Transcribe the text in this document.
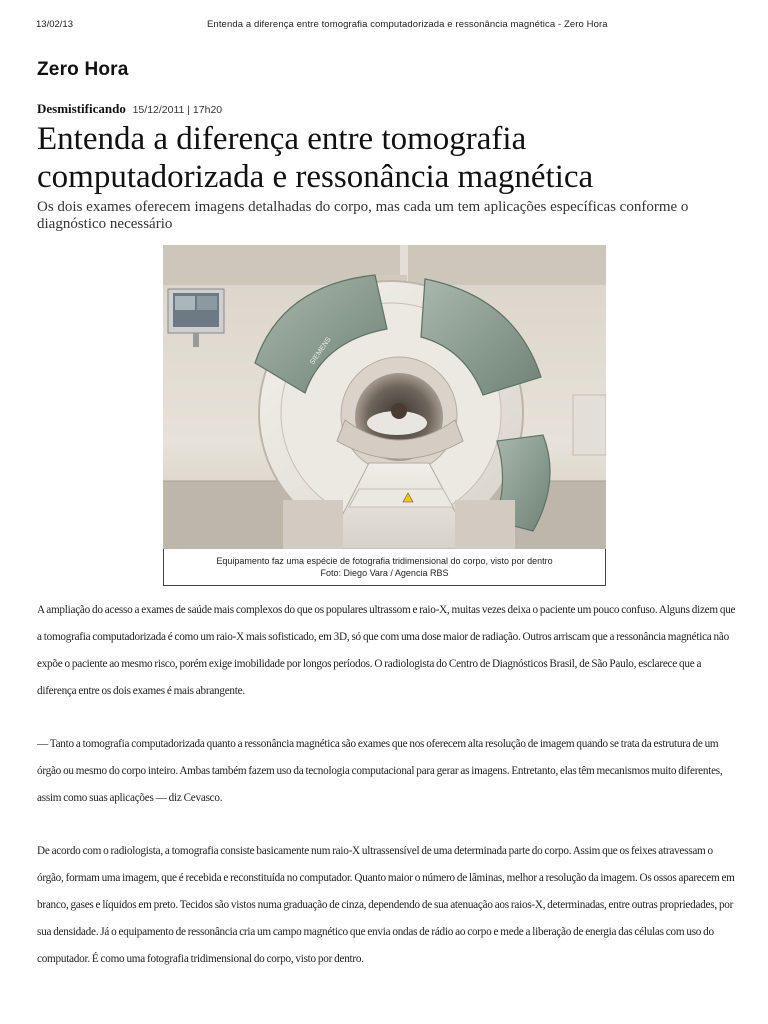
13/02/13	Entenda a diferença entre tomografia computadorizada e ressonância magnética - Zero Hora
Zero Hora
Desmistificando 15/12/2011 | 17h20
Entenda a diferença entre tomografia computadorizada e ressonância magnética

Os dois exames oferecem imagens detalhadas do corpo, mas cada um tem aplicações específicas conforme o diagnóstico necessário

SIEMENS
Equipamento faz uma espécie de fotografia tridimensional do corpo, visto por dentro
Foto: Diego Vara / Agencia RBS

A ampliação do acesso a exames de saúde mais complexos do que os populares ultrassom e raio-X, muitas vezes deixa o paciente um pouco confuso. Alguns dizem que a tomografia computadorizada é como um raio-X mais sofisticado, em 3D, só que com uma dose maior de radiação. Outros arriscam que a ressonância magnética não expõe o paciente ao mesmo risco, porém exige imobilidade por longos períodos. O radiologista do Centro de Diagnósticos Brasil, de São Paulo, esclarece que a diferença entre os dois exames é mais abrangente.

— Tanto a tomografia computadorizada quanto a ressonância magnética são exames que nos oferecem alta resolução de imagem quando se trata da estrutura de um órgão ou mesmo do corpo inteiro. Ambas também fazem uso da tecnologia computacional para gerar as imagens. Entretanto, elas têm mecanismos muito diferentes, assim como suas aplicações — diz Cevasco.

De acordo com o radiologista, a tomografia consiste basicamente num raio-X ultrassensível de uma determinada parte do corpo. Assim que os feixes atravessam o órgão, formam uma imagem, que é recebida e reconstituída no computador. Quanto maior o número de lâminas, melhor a resolução da imagem. Os ossos aparecem em branco, gases e líquidos em preto. Tecidos são vistos numa graduação de cinza, dependendo de sua atenuação aos raios-X, determinadas, entre outras propriedades, por sua densidade. Já o equipamento de ressonância cria um campo magnético que envia ondas de rádio ao corpo e mede a liberação de energia das células com uso do computador. É como uma fotografia tridimensional do corpo, visto por dentro.
